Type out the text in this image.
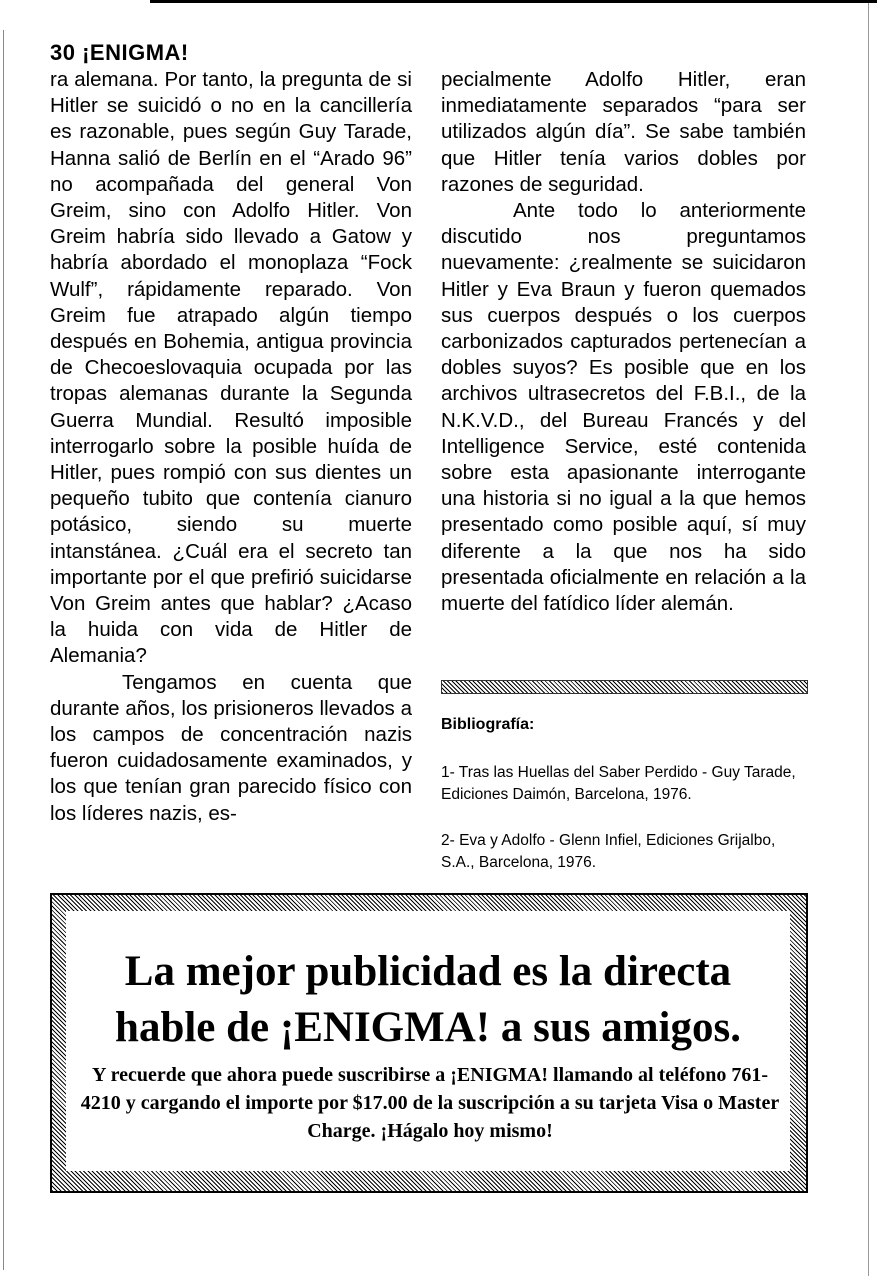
30 ¡ENIGMA!

ra alemana. Por tanto, la pregunta de si Hitler se suicidó o no en la cancillería es razonable, pues según Guy Tarade, Hanna salió de Berlín en el “Arado 96” no acompañada del general Von Greim, sino con Adolfo Hitler. Von Greim habría sido llevado a Gatow y habría abordado el monoplaza “Fock Wulf”, rápidamente reparado. Von Greim fue atrapado algún tiempo después en Bohemia, antigua provincia de Checoeslovaquia ocupada por las tropas alemanas durante la Segunda Guerra Mundial. Resultó imposible interrogarlo sobre la posible huída de Hitler, pues rompió con sus dientes un pequeño tubito que contenía cianuro potásico, siendo su muerte intanstánea. ¿Cuál era el secreto tan importante por el que prefirió suicidarse Von Greim antes que hablar? ¿Acaso la huida con vida de Hitler de Alemania?

Tengamos en cuenta que durante años, los prisioneros llevados a los campos de concentración nazis fueron cuidadosamente examinados, y los que tenían gran parecido físico con los líderes nazis, es-

pecialmente Adolfo Hitler, eran inmediatamente separados “para ser utilizados algún día”. Se sabe también que Hitler tenía varios dobles por razones de seguridad.

Ante todo lo anteriormente discutido nos preguntamos nuevamente: ¿realmente se suicidaron Hitler y Eva Braun y fueron quemados sus cuerpos después o los cuerpos carbonizados capturados pertenecían a dobles suyos? Es posible que en los archivos ultrasecretos del F.B.I., de la N.K.V.D., del Bureau Francés y del Intelligence Service, esté contenida sobre esta apasionante interrogante una historia si no igual a la que hemos presentado como posible aquí, sí muy diferente a la que nos ha sido presentada oficialmente en relación a la muerte del fatídico líder alemán.

Bibliografía:
1- Tras las Huellas del Saber Perdido - Guy Tarade, Ediciones Daimón, Barcelona, 1976.
2- Eva y Adolfo - Glenn Infiel, Ediciones Grijalbo, S.A., Barcelona, 1976.
La mejor publicidad es la directa
hable de ¡ENIGMA! a sus amigos.
Y recuerde que ahora puede suscribirse a ¡ENIGMA! llamando al teléfono 761-4210 y cargando el importe por $17.00 de la suscripción a su tarjeta Visa o Master Charge. ¡Hágalo hoy mismo!
